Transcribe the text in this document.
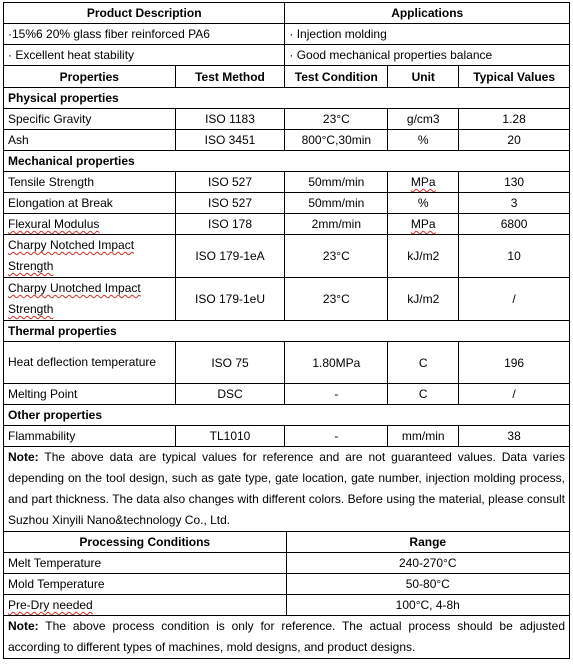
Product Description		Applications		
·15%6 20% glass fiber reinforced PA6		· Injection molding		
· Excellent heat stability		· Good mechanical properties balance		
Properties	Test Method	Test Condition	Unit	Typical Values
Physical properties				
Specific Gravity	ISO 1183	23°C	g/cm3	1.28
Ash	ISO 3451	800°C,30min	%	20
Mechanical properties				
Tensile Strength	ISO 527	50mm/min	MPa	130
Elongation at Break	ISO 527	50mm/min	%	3
Flexural Modulus	ISO 178	2mm/min	MPa	6800
Charpy Notched Impact Strength	ISO 179-1eA	23°C	kJ/m2	10
Charpy Unotched Impact Strength	ISO 179-1eU	23°C	kJ/m2	/
Thermal properties				
Heat deflection temperature	ISO 75	1.80MPa	C	196
Melting Point	DSC	-	C	/
Other properties				
Flammability	TL1010	-	mm/min	38
Note: The above data are typical values for reference and are not guaranteed values. Data varies depending on the tool design, such as gate type, gate location, gate number, injection molding process, and part thickness. The data also changes with different colors. Before using the material, please consult Suzhou Xinyili Nano&technology Co., Ltd.				
Processing Conditions	Range
Melt Temperature	240-270°C
Mold Temperature	50-80°C
Pre-Dry needed	100°C, 4-8h
Note: The above process condition is only for reference. The actual process should be adjusted according to different types of machines, mold designs, and product designs.	
